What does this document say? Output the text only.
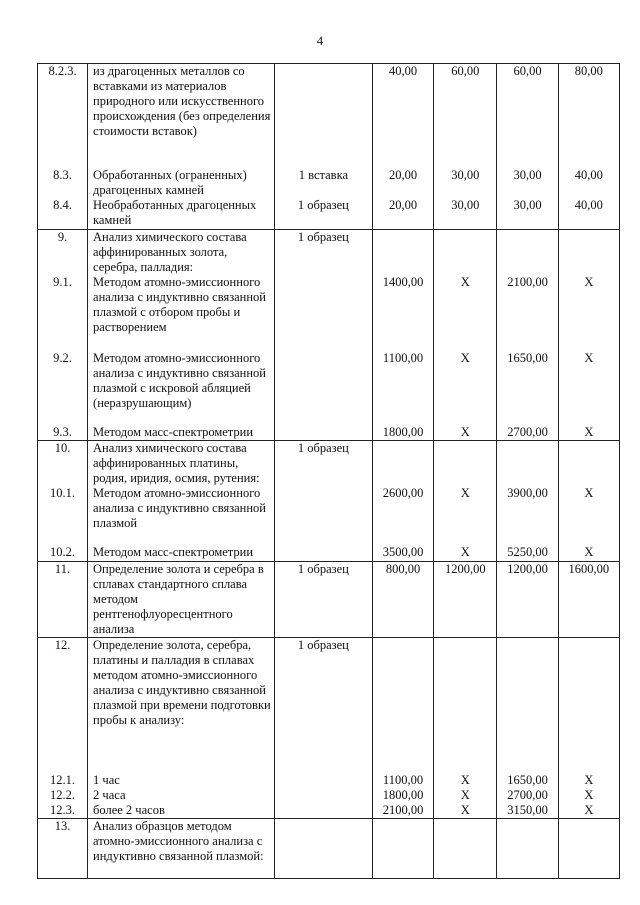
4
8.2.3.	из драгоценных металлов со вставками из материалов природного или искусственного происхождения (без определения стоимости вставок)		40,00	60,00	60,00	80,00
8.3.	Обработанных (ограненных) драгоценных камней	1 вставка	20,00	30,00	30,00	40,00
8.4.	Необработанных драгоценных камней	1 образец	20,00	30,00	30,00	40,00
9.	Анализ химического состава аффинированных золота, серебра, палладия:	1 образец				
9.1.	Методом атомно-эмиссионного анализа с индуктивно связанной плазмой с отбором пробы и растворением		1400,00	X	2100,00	X
9.2.	Методом атомно-эмиссионного анализа с индуктивно связанной плазмой с искровой абляцией (неразрушающим)		1100,00	X	1650,00	X
9.3.	Методом масс-спектрометрии		1800,00	X	2700,00	X
10.	Анализ химического состава аффинированных платины, родия, иридия, осмия, рутения:	1 образец				
10.1.	Методом атомно-эмиссионного анализа с индуктивно связанной плазмой		2600,00	X	3900,00	X
10.2.	Методом масс-спектрометрии		3500,00	X	5250,00	X
11.	Определение золота и серебра в сплавах стандартного сплава методом рентгенофлуоресцентного анализа	1 образец	800,00	1200,00	1200,00	1600,00
12.	Определение золота, серебра, платины и палладия в сплавах методом атомно-эмиссионного анализа с индуктивно связанной плазмой при времени подготовки пробы к анализу:	1 образец				
12.1.	1 час		1100,00	X	1650,00	X
12.2.	2 часа		1800,00	X	2700,00	X
12.3.	более 2 часов		2100,00	X	3150,00	X
13.	Анализ образцов методом атомно-эмиссионного анализа с индуктивно связанной плазмой:					
